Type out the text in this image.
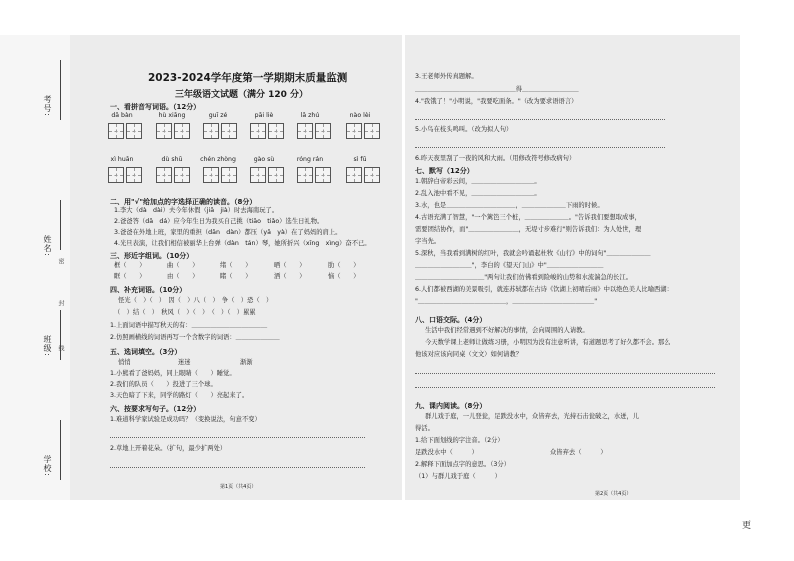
考号:
姓名:
班级:
学校:
密
封
线
2023-2024学年度第一学期期末质量监测
三年级语文试题（满分 120 分）
一、看拼音写词语。（12分）
dā bàn	hù xiāng	guī zé	pāi liè	lā zhú	nào lèi
xì huān	dù shū	chén zhòng	gào sù	róng rán	sì fū
二、用"√"给加点的字选择正确的读音。（8分）
1.李大（dà　dài）夫今年休假（jiā　jià）时去海南玩了。
2.爸爸答（dā　dá）应今年生日为我买自己挑（tiāo　tiǎo）选生日礼物。
3.爸爸在外地上班，家里的重担（dān　dàn）都压（yā　yà）在了妈妈的肩上。
4.光旦表演，让我们相信被丽华上台弹（dàn　tán）琴，她所折兴（xīng　xìng）奋不已。
三、形近字组词。（10分）
框（　　）	曲（　　）	绪（　　）	晒（　　）	肋（　　）
眶（　　）	由（　　）	睹（　　）	洒（　　）	恼（　　）
四、补充词语。（10分）
怪光（　）（　）　因（　）八（　）　争（　）恐（　）
（　）结（　）　秋风（　）（　）　（　）（　）累累
1.上面词语中描写秋天的有：＿＿＿＿＿＿＿＿＿＿＿＿
2.仿照画横线的词语再写一个含数字的词语：＿＿＿＿＿＿＿
五、选词填空。（3分）
悄悄	迷迷	渐渐
1.小熊看了爸妈妈，同上眼睛（　　）睡觉。
2.我们的队员（　　）投进了三个球。
3.天色暗了下来，同学的路灯（　　）亮起来了。
六、按要求写句子。（12分）
1.难道科学家试验是成功吗？（变换说法，句意不变）
2.草地上开着花朵。（扩句，最少扩两处）
第1页（共4页）
3.王老师外传真题解。
＿＿＿＿＿＿＿＿＿＿＿＿＿＿＿＿得＿＿＿＿＿＿＿＿＿
4."我饿了！"小明说，"我要吃面条。"（改为要求语语言）
5.小鸟在枝头鸣叫。（改为拟人句）
6.昨天夜里刮了一夜的风和大雨。（用修改符号修改病句）
七、默写（12分）
1.朝辞白帝彩云间，＿＿＿＿＿＿＿＿＿＿。
2.乱入池中看不见，＿＿＿＿＿＿＿＿＿＿。
3.水，也是＿＿＿＿＿＿＿＿＿＿＿，＿＿＿＿＿＿＿下雨的时候。
4.古语充满了智慧，"一个篱笆三个桩，＿＿＿＿＿＿＿。"告诉我们要想取成事，
需要团结协作，而"＿＿＿＿＿＿＿＿，无堤寸步难行"则告诉我们：为人处世，理
字当先。
5.深秋，当我看到满树的红叶，我就会吟诵起杜牧《山行》中的词句"＿＿＿＿＿＿＿
＿＿＿＿＿＿＿＿＿"，李白的《望天门山》中"＿＿＿＿＿＿＿＿＿
＿＿＿＿＿＿＿＿＿＿＿"两句让我们仿佛看到险峻的山势和水流湍急的长江。
6.人们都被西湖的美景吸引，就连苏轼都在古诗《饮湖上初晴后雨》中以绝色美人比喻西湖：
"＿＿＿＿＿＿＿＿＿＿＿＿＿＿，＿＿＿＿＿＿＿＿＿＿＿＿＿"
八、口语交际。（4分）
生活中我们经常遇到不好解决的事情，会向周围的人请教。
今天数学课上老师让做练习册，小明因为没有注意听讲，有道题思考了好久都不会。那么
他该对应该向同桌（文文）如何请教？
九、课内阅读。（8分）
群儿戏于庭，一儿登瓮，足跌没水中，众皆弃去，光持石击瓮破之，水迸，儿
得活。
1.给下面划线的字注音。（2分）
足跌没水中（　　　）	众皆弃去（　　　）
2.解释下面加点字的意思。（3分）
（1）与群儿戏于庭（　　　）
第2页（共4页）
更
